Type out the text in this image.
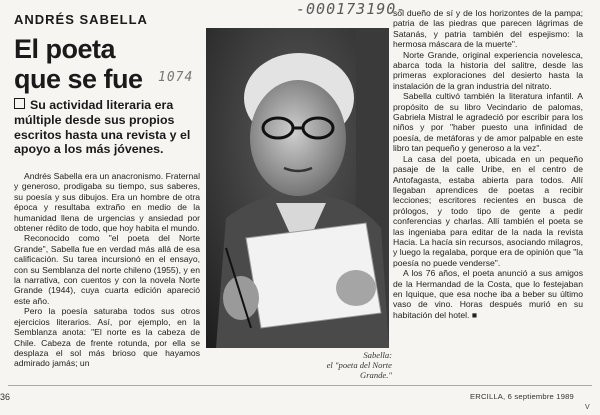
-000173190-
1074
ANDRÉS SABELLA
El poeta
que se fue
Su actividad literaria era múltiple desde sus propios escritos hasta una revista y el apoyo a los más jóvenes.

Andrés Sabella era un anacronismo. Fraternal y generoso, prodigaba su tiempo, sus saberes, su poesía y sus dibujos. Era un hombre de otra época y resultaba extraño en medio de la humanidad llena de urgencias y ansiedad por obtener rédito de todo, que hoy habita el mundo.

Reconocido como "el poeta del Norte Grande", Sabella fue en verdad más allá de esa calificación. Su tarea incursionó en el ensayo, con su Semblanza del norte chileno (1955), y en la narrativa, con cuentos y con la novela Norte Grande (1944), cuya cuarta edición apareció este año.

Pero la poesía saturaba todos sus otros ejercicios literarios. Así, por ejemplo, en la Semblanza anota: "El norte es la cabeza de Chile. Cabeza de frente rotunda, por ella se desplaza el sol más brioso que hayamos admirado jamás; un

Sabella:
el "poeta del Norte Grande."

sol dueño de sí y de los horizontes de la pampa; patria de las piedras que parecen lágrimas de Satanás, y patria también del espejismo: la hermosa máscara de la muerte".

Norte Grande, original experiencia novelesca, abarca toda la historia del salitre, desde las primeras exploraciones del desierto hasta la instalación de la gran industria del nitrato.

Sabella cultivó también la literatura infantil. A propósito de su libro Vecindario de palomas, Gabriela Mistral le agradeció por escribir para los niños y por "haber puesto una infinidad de poesía, de metáforas y de amor palpable en este libro tan pequeño y generoso a la vez".

La casa del poeta, ubicada en un pequeño pasaje de la calle Uribe, en el centro de Antofagasta, estaba abierta para todos. Allí llegaban aprendices de poetas a recibir lecciones; escritores recientes en busca de prólogos, y todo tipo de gente a pedir conferencias y charlas. Allí también el poeta se las ingeniaba para editar de la nada la revista Hacia. La hacía sin recursos, asociando milagros, y luego la regalaba, porque era de opinión que "la poesía no puede venderse".

A los 76 años, el poeta anunció a sus amigos de la Hermandad de la Costa, que lo festejaban en Iquique, que esa noche iba a beber su último vaso de vino. Horas después murió en su habitación del hotel. ■

36	ERCILLA, 6 septiembre 1989
V
